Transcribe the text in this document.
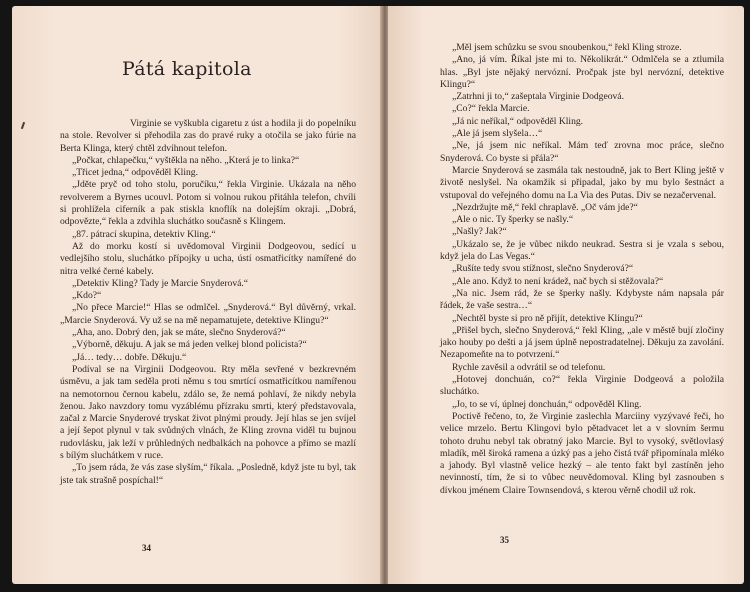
Pátá kapitola

Virginie se vyškubla cigaretu z úst a hodila ji do popelníku na stole. Revolver si přehodila zas do pravé ruky a otočila se jako fúrie na Berta Klinga, který chtěl zdvihnout telefon.

„Počkat, chlapečku,“ vyštěkla na něho. „Která je to linka?“

„Třicet jedna,“ odpověděl Kling.

„Jděte pryč od toho stolu, poručíku,“ řekla Virginie. Ukázala na něho revolverem a Byrnes ucouvl. Potom si volnou rukou přitáhla telefon, chvíli si prohlížela ciferník a pak stiskla knoflík na dolejším okraji. „Dobrá, odpovězte,“ řekla a zdvihla sluchátko současně s Klingem.

„87. pátrací skupina, detektiv Kling.“

Až do morku kostí si uvědomoval Virginii Dodgeovou, sedící u vedlejšího stolu, sluchátko přípojky u ucha, ústí osmatřicítky namířené do nitra velké černé kabely.

„Detektiv Kling? Tady je Marcie Snyderová.“

„Kdo?“

„No přece Marcie!“ Hlas se odmlčel. „Snyderová.“ Byl důvěrný, vrkal. „Marcie Snyderová. Vy už se na mě nepamatujete, detektive Klingu?“

„Aha, ano. Dobrý den, jak se máte, slečno Snyderová?“

„Výborně, děkuju. A jak se má jeden velkej blond policista?“

„Já… tedy… dobře. Děkuju.“

Podíval se na Virginii Dodgeovou. Rty měla sevřené v bezkrevném úsměvu, a jak tam seděla proti němu s tou smrtící osmatřicítkou namířenou na nemotornou černou kabelu, zdálo se, že nemá pohlaví, že nikdy nebyla ženou. Jako navzdory tomu vyzáblému přízraku smrti, který představovala, začal z Marcie Snyderové tryskat život plnými proudy. Její hlas se jen svíjel a její šepot plynul v tak svůdných vlnách, že Kling zrovna viděl tu bujnou rudovlásku, jak leží v průhledných nedbalkách na pohovce a přímo se mazlí s bílým sluchátkem v ruce.

„To jsem ráda, že vás zase slyším,“ říkala. „Posledně, když jste tu byl, tak jste tak strašně pospíchal!“

34

„Měl jsem schůzku se svou snoubenkou,“ řekl Kling stroze.

„Ano, já vím. Říkal jste mi to. Několikrát.“ Odmlčela se a ztlumila hlas. „Byl jste nějaký nervózní. Pročpak jste byl nervózní, detektive Klingu?“

„Zatrhni ji to,“ zašeptala Virginie Dodgeová.

„Co?“ řekla Marcie.

„Já nic neříkal,“ odpověděl Kling.

„Ale já jsem slyšela…“

„Ne, já jsem nic neříkal. Mám teď zrovna moc práce, slečno Snyderová. Co byste si přála?“

Marcie Snyderová se zasmála tak nestoudně, jak to Bert Kling ještě v životě neslyšel. Na okamžik si připadal, jako by mu bylo šestnáct a vstupoval do veřejného domu na La Via des Putas. Div se nezačervenal.

„Nezdržujte mě,“ řekl chraplavě. „Oč vám jde?“

„Ale o nic. Ty šperky se našly.“

„Našly? Jak?“

„Ukázalo se, že je vůbec nikdo neukrad. Sestra si je vzala s sebou, když jela do Las Vegas.“

„Rušíte tedy svou stížnost, slečno Snyderová?“

„Ale ano. Když to není krádež, nač bych si stěžovala?“

„Na nic. Jsem rád, že se šperky našly. Kdybyste nám napsala pár řádek, že vaše sestra…“

„Nechtěl byste si pro ně přijít, detektive Klingu?“

„Přišel bych, slečno Snyderová,“ řekl Kling, „ale v městě bují zločiny jako houby po dešti a já jsem úplně nepostradatelnej. Děkuju za zavolání. Nezapomeňte na to potvrzení.“

Rychle zavěsil a odvrátil se od telefonu.

„Hotovej donchuán, co?“ řekla Virginie Dodgeová a položila sluchátko.

„Jo, to se ví, úplnej donchuán,“ odpověděl Kling.

Poctivě řečeno, to, že Virginie zaslechla Marciiny vyzývavé řeči, ho velice mrzelo. Bertu Klingovi bylo pětadvacet let a v slovním šermu tohoto druhu nebyl tak obratný jako Marcie. Byl to vysoký, světlovlasý mladík, měl široká ramena a úzký pas a jeho čistá tvář připomínala mléko a jahody. Byl vlastně velice hezký – ale tento fakt byl zastíněn jeho nevinností, tím, že si to vůbec neuvědomoval. Kling byl zasnouben s dívkou jménem Claire Townsendová, s kterou věrně chodil už rok.

35
